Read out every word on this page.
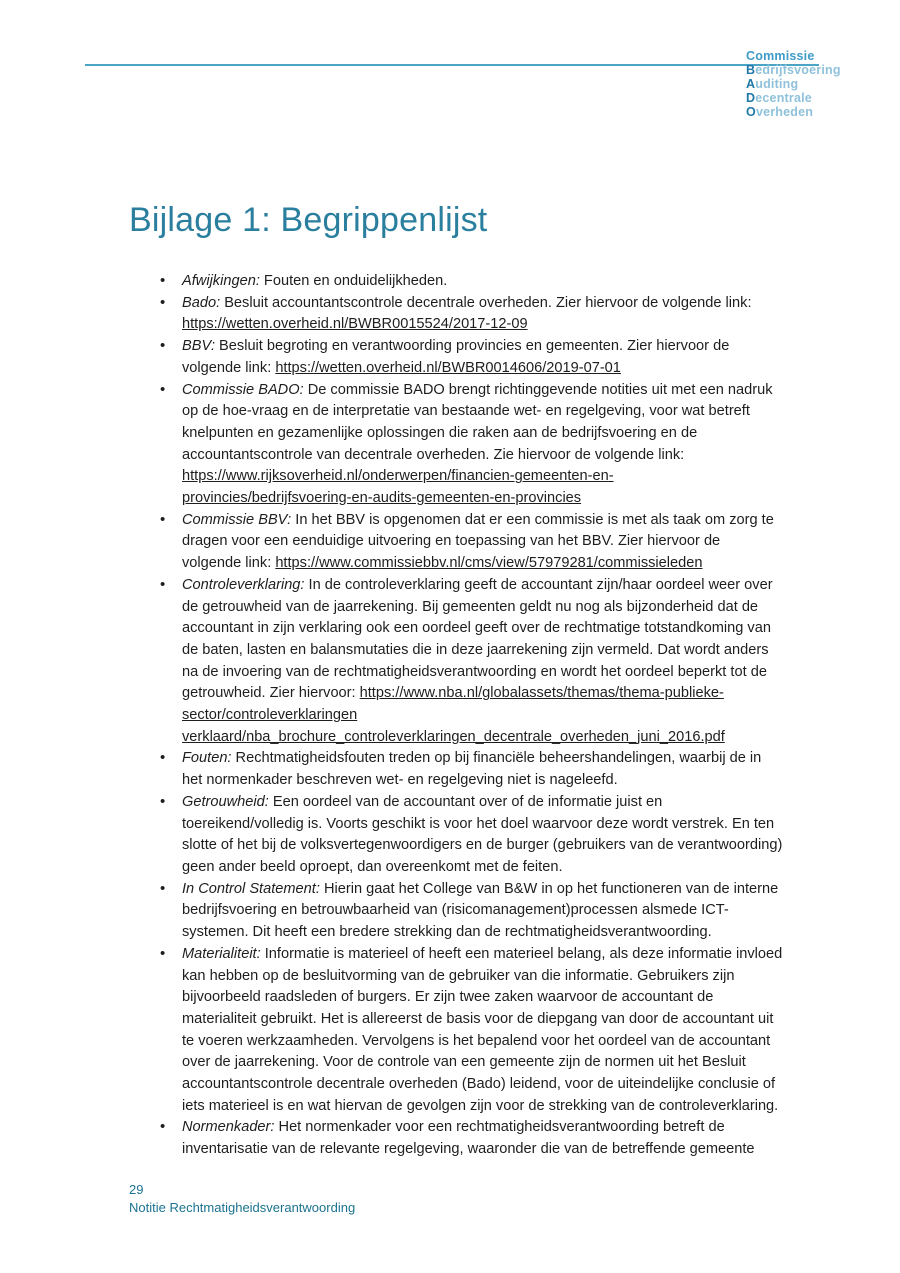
Commissie
Bedrijfsvoering
Auditing
Decentrale
Overheden
Bijlage 1: Begrippenlijst
• Afwijkingen: Fouten en onduidelijkheden.
• Bado: Besluit accountantscontrole decentrale overheden. Zier hiervoor de volgende link: https://wetten.overheid.nl/BWBR0015524/2017-12-09
• BBV: Besluit begroting en verantwoording provincies en gemeenten. Zier hiervoor de volgende link: https://wetten.overheid.nl/BWBR0014606/2019-07-01
• Commissie BADO: De commissie BADO brengt richtinggevende notities uit met een nadruk op de hoe-vraag en de interpretatie van bestaande wet- en regelgeving, voor wat betreft knelpunten en gezamenlijke oplossingen die raken aan de bedrijfsvoering en de accountantscontrole van decentrale overheden. Zie hiervoor de volgende link: https://www.rijksoverheid.nl/onderwerpen/financien-gemeenten-en-provincies/bedrijfsvoering-en-audits-gemeenten-en-provincies
• Commissie BBV: In het BBV is opgenomen dat er een commissie is met als taak om zorg te dragen voor een eenduidige uitvoering en toepassing van het BBV. Zier hiervoor de volgende link: https://www.commissiebbv.nl/cms/view/57979281/commissieleden
• Controleverklaring: In de controleverklaring geeft de accountant zijn/haar oordeel weer over de getrouwheid van de jaarrekening. Bij gemeenten geldt nu nog als bijzonderheid dat de accountant in zijn verklaring ook een oordeel geeft over de rechtmatige totstandkoming van de baten, lasten en balansmutaties die in deze jaarrekening zijn vermeld. Dat wordt anders na de invoering van de rechtmatigheidsverantwoording en wordt het oordeel beperkt tot de getrouwheid. Zier hiervoor: https://www.nba.nl/globalassets/themas/thema-publieke-sector/controleverklaringen verklaard/nba_brochure_controleverklaringen_decentrale_overheden_juni_2016.pdf
• Fouten: Rechtmatigheidsfouten treden op bij financiële beheershandelingen, waarbij de in het normenkader beschreven wet- en regelgeving niet is nageleefd.
• Getrouwheid: Een oordeel van de accountant over of de informatie juist en toereikend/volledig is. Voorts geschikt is voor het doel waarvoor deze wordt verstrek. En ten slotte of het bij de volksvertegenwoordigers en de burger (gebruikers van de verantwoording) geen ander beeld oproept, dan overeenkomt met de feiten.
• In Control Statement: Hierin gaat het College van B&W in op het functioneren van de interne bedrijfsvoering en betrouwbaarheid van (risicomanagement)processen alsmede ICT-systemen. Dit heeft een bredere strekking dan de rechtmatigheidsverantwoording.
• Materialiteit: Informatie is materieel of heeft een materieel belang, als deze informatie invloed kan hebben op de besluitvorming van de gebruiker van die informatie. Gebruikers zijn bijvoorbeeld raadsleden of burgers. Er zijn twee zaken waarvoor de accountant de materialiteit gebruikt. Het is allereerst de basis voor de diepgang van door de accountant uit te voeren werkzaamheden. Vervolgens is het bepalend voor het oordeel van de accountant over de jaarrekening. Voor de controle van een gemeente zijn de normen uit het Besluit accountantscontrole decentrale overheden (Bado) leidend, voor de uiteindelijke conclusie of iets materieel is en wat hiervan de gevolgen zijn voor de strekking van de controleverklaring.
• Normenkader: Het normenkader voor een rechtmatigheidsverantwoording betreft de inventarisatie van de relevante regelgeving, waaronder die van de betreffende gemeente
29
Notitie Rechtmatigheidsverantwoording
